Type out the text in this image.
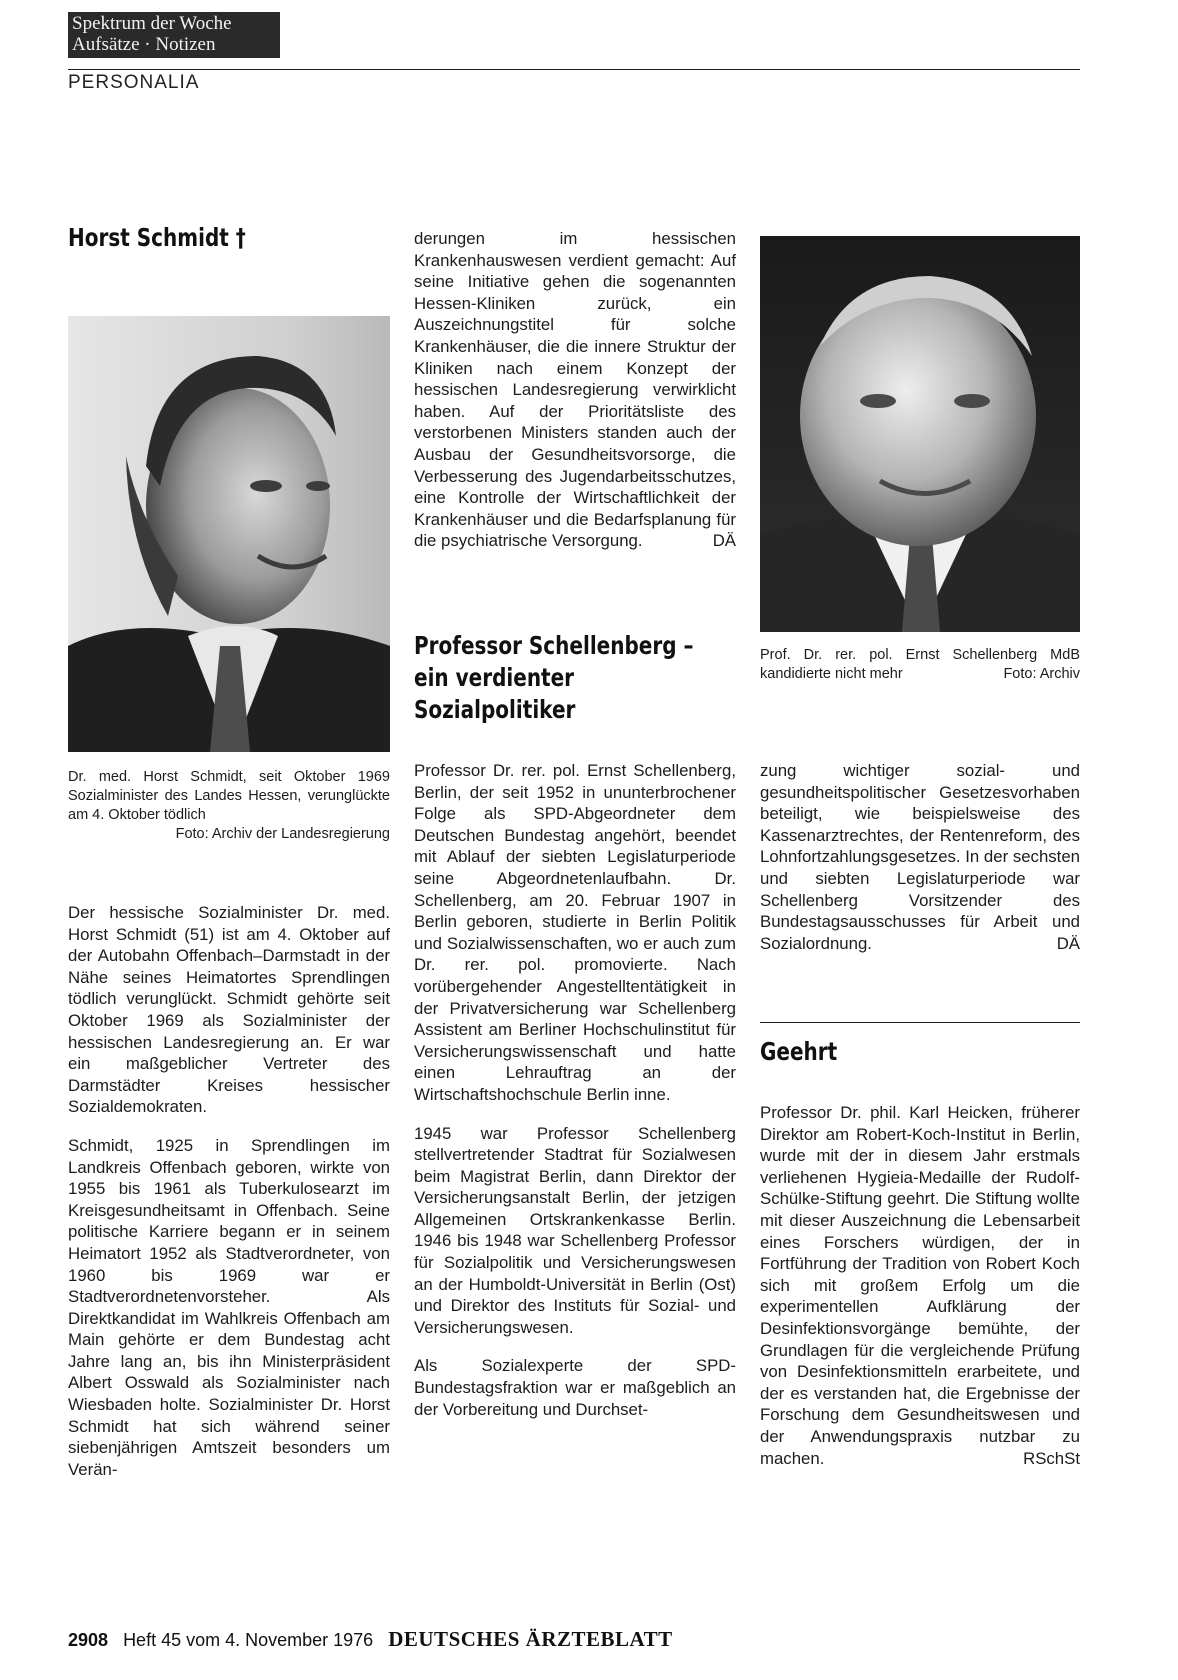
Spektrum der Woche
Aufsätze · Notizen
PERSONALIA
Horst Schmidt †
Dr. med. Horst Schmidt, seit Oktober 1969 Sozialminister des Landes Hessen, verunglückte am 4. Oktober tödlich
Foto: Archiv der Landesregierung

Der hessische Sozialminister Dr. med. Horst Schmidt (51) ist am 4. Oktober auf der Autobahn Offenbach–Darmstadt in der Nähe seines Heimatortes Sprendlingen tödlich verunglückt. Schmidt gehörte seit Oktober 1969 als Sozialminister der hessischen Landesregierung an. Er war ein maßgeblicher Vertreter des Darmstädter Kreises hessischer Sozialdemokraten.

Schmidt, 1925 in Sprendlingen im Landkreis Offenbach geboren, wirkte von 1955 bis 1961 als Tuberkulosearzt im Kreisgesundheitsamt in Offenbach. Seine politische Karriere begann er in seinem Heimatort 1952 als Stadtverordneter, von 1960 bis 1969 war er Stadtverordnetenvorsteher. Als Direktkandidat im Wahlkreis Offenbach am Main gehörte er dem Bundestag acht Jahre lang an, bis ihn Ministerpräsident Albert Osswald als Sozialminister nach Wiesbaden holte. Sozialminister Dr. Horst Schmidt hat sich während seiner siebenjährigen Amtszeit besonders um Verän-

derungen im hessischen Krankenhauswesen verdient gemacht: Auf seine Initiative gehen die sogenannten Hessen-Kliniken zurück, ein Auszeichnungstitel für solche Krankenhäuser, die die innere Struktur der Kliniken nach einem Konzept der hessischen Landesregierung verwirklicht haben. Auf der Prioritätsliste des verstorbenen Ministers standen auch der Ausbau der Gesundheitsvorsorge, die Verbesserung des Jugendarbeitsschutzes, eine Kontrolle der Wirtschaftlichkeit der Krankenhäuser und die Bedarfsplanung für die psychiatrische Versorgung.	DÄ

Professor Schellenberg –
ein verdienter
Sozialpolitiker
Prof. Dr. rer. pol. Ernst Schellenberg MdB kandidierte nicht mehr	Foto: Archiv

Professor Dr. rer. pol. Ernst Schellenberg, Berlin, der seit 1952 in ununterbrochener Folge als SPD-Abgeordneter dem Deutschen Bundestag angehört, beendet mit Ablauf der siebten Legislaturperiode seine Abgeordnetenlaufbahn. Dr. Schellenberg, am 20. Februar 1907 in Berlin geboren, studierte in Berlin Politik und Sozialwissenschaften, wo er auch zum Dr. rer. pol. promovierte. Nach vorübergehender Angestelltentätigkeit in der Privatversicherung war Schellenberg Assistent am Berliner Hochschulinstitut für Versicherungswissenschaft und hatte einen Lehrauftrag an der Wirtschaftshochschule Berlin inne.

1945 war Professor Schellenberg stellvertretender Stadtrat für Sozialwesen beim Magistrat Berlin, dann Direktor der Versicherungsanstalt Berlin, der jetzigen Allgemeinen Ortskrankenkasse Berlin. 1946 bis 1948 war Schellenberg Professor für Sozialpolitik und Versicherungswesen an der Humboldt-Universität in Berlin (Ost) und Direktor des Instituts für Sozial- und Versicherungswesen.

Als Sozialexperte der SPD-Bundestagsfraktion war er maßgeblich an der Vorbereitung und Durchset-

zung wichtiger sozial- und gesundheitspolitischer Gesetzesvorhaben beteiligt, wie beispielsweise des Kassenarztrechtes, der Rentenreform, des Lohnfortzahlungsgesetzes. In der sechsten und siebten Legislaturperiode war Schellenberg Vorsitzender des Bundestagsausschusses für Arbeit und Sozialordnung.	DÄ

Geehrt

Professor Dr. phil. Karl Heicken, früherer Direktor am Robert-Koch-Institut in Berlin, wurde mit der in diesem Jahr erstmals verliehenen Hygieia-Medaille der Rudolf-Schülke-Stiftung geehrt. Die Stiftung wollte mit dieser Auszeichnung die Lebensarbeit eines Forschers würdigen, der in Fortführung der Tradition von Robert Koch sich mit großem Erfolg um die experimentellen Aufklärung der Desinfektionsvorgänge bemühte, der Grundlagen für die vergleichende Prüfung von Desinfektionsmitteln erarbeitete, und der es verstanden hat, die Ergebnisse der Forschung dem Gesundheitswesen und der Anwendungspraxis nutzbar zu machen.	RSchSt

2908 Heft 45 vom 4. November 1976 DEUTSCHES ÄRZTEBLATT
